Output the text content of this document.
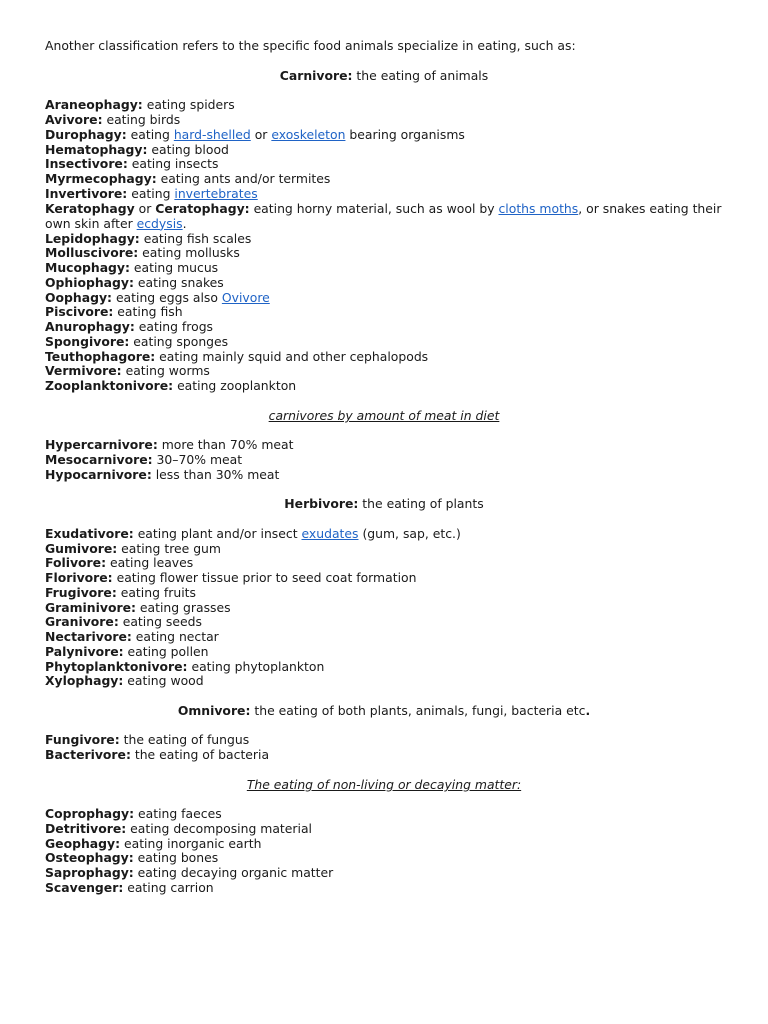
Another classification refers to the specific food animals specialize in eating, such as:
Carnivore: the eating of animals
Araneophagy: eating spiders
Avivore: eating birds
Durophagy: eating hard-shelled or exoskeleton bearing organisms
Hematophagy: eating blood
Insectivore: eating insects
Myrmecophagy: eating ants and/or termites
Invertivore: eating invertebrates
Keratophagy or Ceratophagy: eating horny material, such as wool by cloths moths, or snakes eating their own skin after ecdysis.
Lepidophagy: eating fish scales
Molluscivore: eating mollusks
Mucophagy: eating mucus
Ophiophagy: eating snakes
Oophagy: eating eggs also Ovivore
Piscivore: eating fish
Anurophagy: eating frogs
Spongivore: eating sponges
Teuthophagore: eating mainly squid and other cephalopods
Vermivore: eating worms
Zooplanktonivore: eating zooplankton
carnivores by amount of meat in diet
Hypercarnivore: more than 70% meat
Mesocarnivore: 30–70% meat
Hypocarnivore: less than 30% meat
Herbivore: the eating of plants
Exudativore: eating plant and/or insect exudates (gum, sap, etc.)
Gumivore: eating tree gum
Folivore: eating leaves
Florivore: eating flower tissue prior to seed coat formation
Frugivore: eating fruits
Graminivore: eating grasses
Granivore: eating seeds
Nectarivore: eating nectar
Palynivore: eating pollen
Phytoplanktonivore: eating phytoplankton
Xylophagy: eating wood
Omnivore: the eating of both plants, animals, fungi, bacteria etc.
Fungivore: the eating of fungus
Bacterivore: the eating of bacteria
The eating of non-living or decaying matter:
Coprophagy: eating faeces
Detritivore: eating decomposing material
Geophagy: eating inorganic earth
Osteophagy: eating bones
Saprophagy: eating decaying organic matter
Scavenger: eating carrion
